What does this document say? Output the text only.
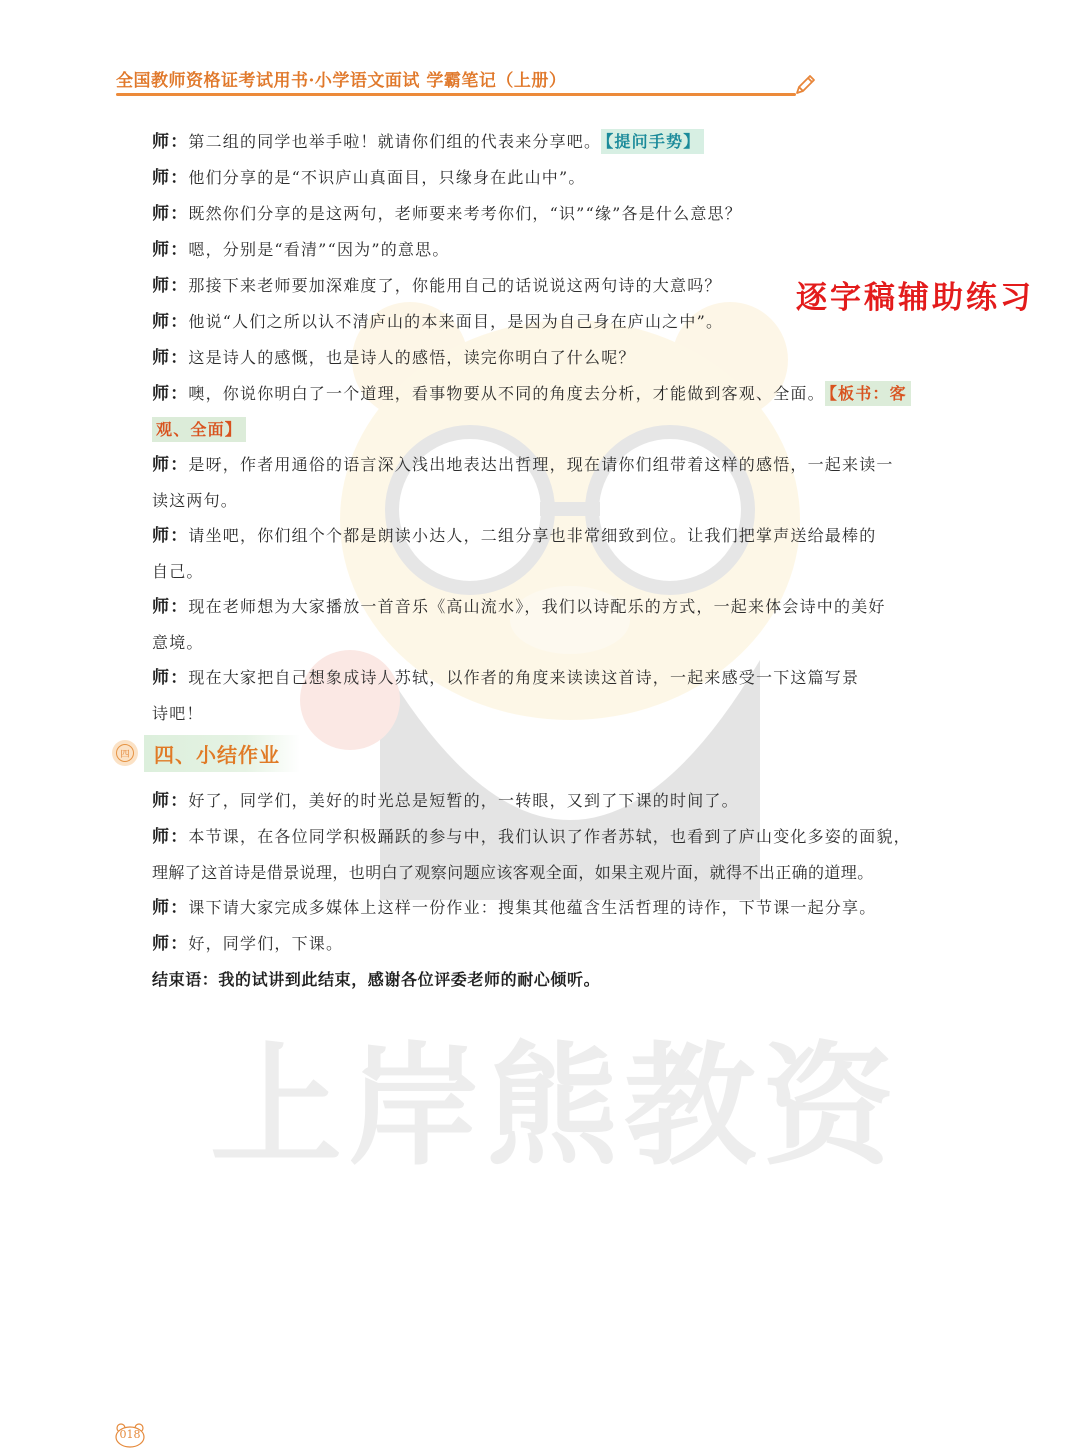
全国教师资格证考试用书·小学语文面试 学霸笔记（上册）
上岸熊教资
逐字稿辅助练习
师：第二组的同学也举手啦！就请你们组的代表来分享吧。 【提问手势】
师：他们分享的是“不识庐山真面目，只缘身在此山中”。
师：既然你们分享的是这两句，老师要来考考你们，“识”“缘”各是什么意思？
师：嗯，分别是“看清”“因为”的意思。
师：那接下来老师要加深难度了，你能用自己的话说说这两句诗的大意吗？
师：他说“人们之所以认不清庐山的本来面目，是因为自己身在庐山之中”。
师：这是诗人的感慨，也是诗人的感悟，读完你明白了什么呢？
师：噢，你说你明白了一个道理，看事物要从不同的角度去分析，才能做到客观、全面。 【板书：客
观、全面】
师：是呀，作者用通俗的语言深入浅出地表达出哲理，现在请你们组带着这样的感悟，一起来读一
读这两句。
师：请坐吧，你们组个个都是朗读小达人，二组分享也非常细致到位。让我们把掌声送给最棒的
自己。
师：现在老师想为大家播放一首音乐《高山流水》，我们以诗配乐的方式，一起来体会诗中的美好
意境。
师：现在大家把自己想象成诗人苏轼，以作者的角度来读读这首诗，一起来感受一下这篇写景
诗吧！
四	四、小结作业
师：好了，同学们，美好的时光总是短暂的，一转眼，又到了下课的时间了。
师：本节课，在各位同学积极踊跃的参与中，我们认识了作者苏轼，也看到了庐山变化多姿的面貌，
理解了这首诗是借景说理，也明白了观察问题应该客观全面，如果主观片面，就得不出正确的道理。
师：课下请大家完成多媒体上这样一份作业：搜集其他蕴含生活哲理的诗作，下节课一起分享。
师：好，同学们，下课。
结束语：我的试讲到此结束，感谢各位评委老师的耐心倾听。
018
